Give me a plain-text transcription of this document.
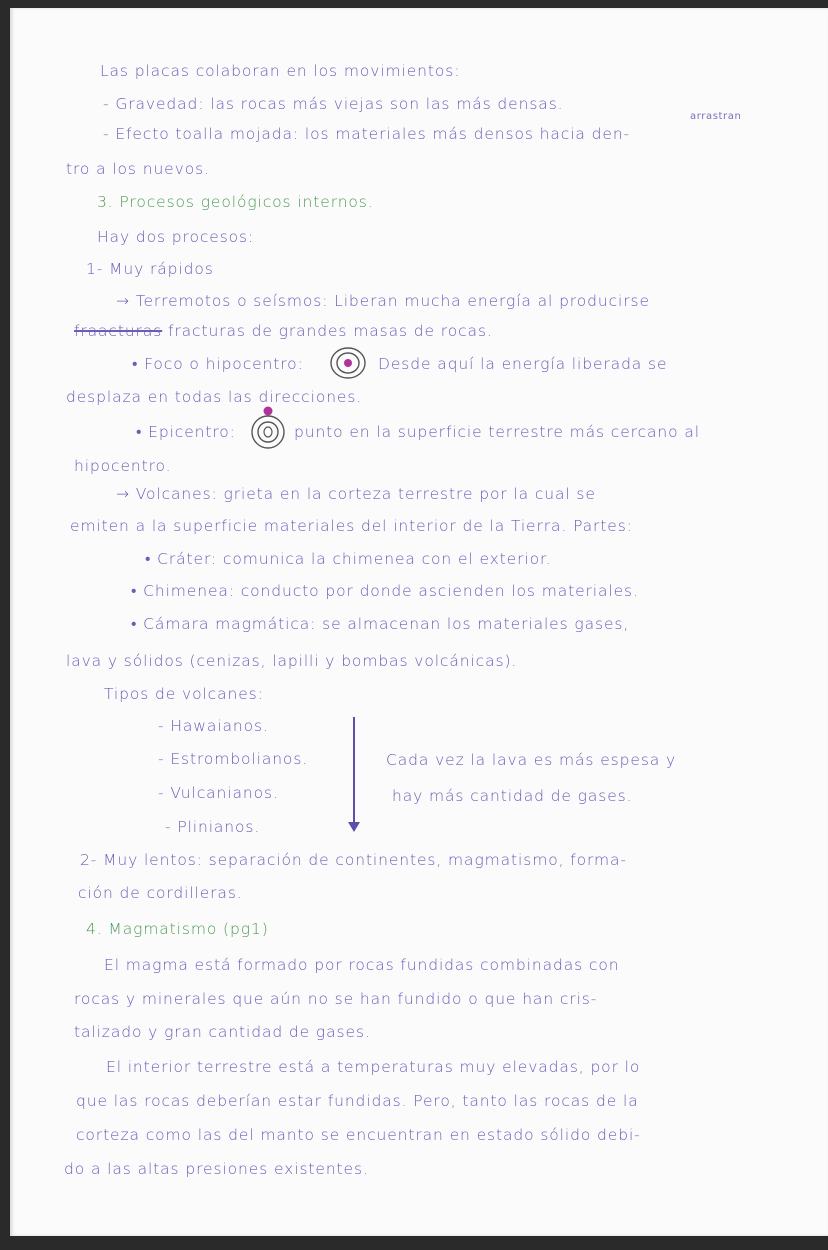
Las placas colaboran en los movimientos:
- Gravedad: las rocas más viejas son las más densas.
arrastran
- Efecto toalla mojada: los materiales más densos hacia den-
tro a los nuevos.
3. Procesos geológicos internos.
Hay dos procesos:
1- Muy rápidos
→ Terremotos o seísmos: Liberan mucha energía al producirse
fraacturas fracturas de grandes masas de rocas.
• Foco o hipocentro:	Desde aquí la energía liberada se
desplaza en todas las direcciones.
• Epicentro:	punto en la superficie terrestre más cercano al
hipocentro.
→ Volcanes: grieta en la corteza terrestre por la cual se
emiten a la superficie materiales del interior de la Tierra. Partes:
• Cráter: comunica la chimenea con el exterior.
• Chimenea: conducto por donde ascienden los materiales.
• Cámara magmática: se almacenan los materiales gases,
lava y sólidos (cenizas, lapilli y bombas volcánicas).
Tipos de volcanes:
- Hawaianos.
- Estrombolianos.
- Vulcanianos.
- Plinianos.
Cada vez la lava es más espesa y
hay más cantidad de gases.
2- Muy lentos: separación de continentes, magmatismo, forma-
ción de cordilleras.
4. Magmatismo (pg1)
El magma está formado por rocas fundidas combinadas con
rocas y minerales que aún no se han fundido o que han cris-
talizado y gran cantidad de gases.
El interior terrestre está a temperaturas muy elevadas, por lo
que las rocas deberían estar fundidas. Pero, tanto las rocas de la
corteza como las del manto se encuentran en estado sólido debi-
do a las altas presiones existentes.
